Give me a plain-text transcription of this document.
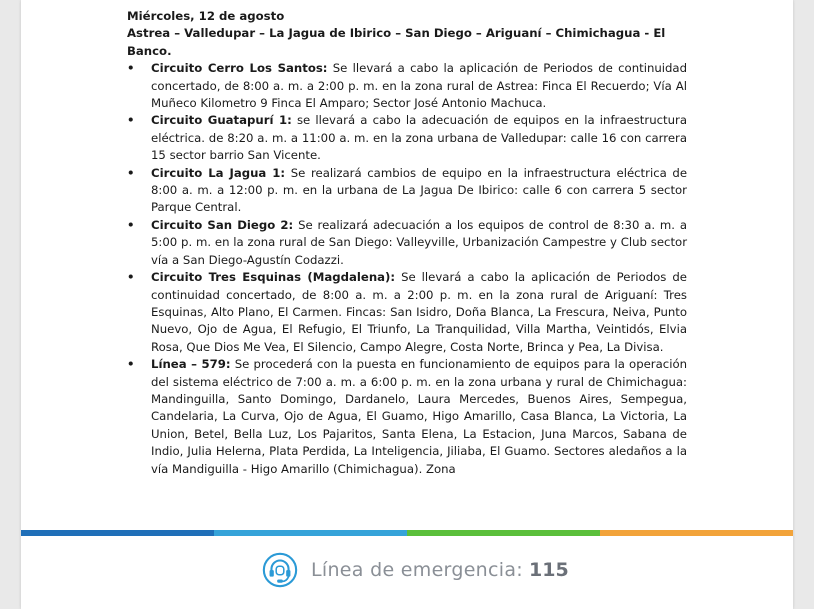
Miércoles, 12 de agosto

Astrea – Valledupar – La Jagua de Ibirico – San Diego – Ariguaní – Chimichagua - El Banco.

• Circuito Cerro Los Santos: Se llevará a cabo la aplicación de Periodos de continuidad concertado, de 8:00 a. m. a 2:00 p. m. en la zona rural de Astrea: Finca El Recuerdo; Vía Al Muñeco Kilometro 9 Finca El Amparo; Sector José Antonio Machuca.
• Circuito Guatapurí 1: se llevará a cabo la adecuación de equipos en la infraestructura eléctrica. de 8:20 a. m. a 11:00 a. m. en la zona urbana de Valledupar: calle 16 con carrera 15 sector barrio San Vicente.
• Circuito La Jagua 1: Se realizará cambios de equipo en la infraestructura eléctrica de 8:00 a. m. a 12:00 p. m. en la urbana de La Jagua De Ibirico: calle 6 con carrera 5 sector Parque Central.
• Circuito San Diego 2: Se realizará adecuación a los equipos de control de 8:30 a. m. a 5:00 p. m. en la zona rural de San Diego: Valleyville, Urbanización Campestre y Club sector vía a San Diego-Agustín Codazzi.
• Circuito Tres Esquinas (Magdalena): Se llevará a cabo la aplicación de Periodos de continuidad concertado, de 8:00 a. m. a 2:00 p. m. en la zona rural de Ariguaní: Tres Esquinas, Alto Plano, El Carmen. Fincas: San Isidro, Doña Blanca, La Frescura, Neiva, Punto Nuevo, Ojo de Agua, El Refugio, El Triunfo, La Tranquilidad, Villa Martha, Veintidós, Elvia Rosa, Que Dios Me Vea, El Silencio, Campo Alegre, Costa Norte, Brinca y Pea, La Divisa.
• Línea – 579: Se procederá con la puesta en funcionamiento de equipos para la operación del sistema eléctrico de 7:00 a. m. a 6:00 p. m. en la zona urbana y rural de Chimichagua: Mandinguilla, Santo Domingo, Dardanelo, Laura Mercedes, Buenos Aires, Sempegua, Candelaria, La Curva, Ojo de Agua, El Guamo, Higo Amarillo, Casa Blanca, La Victoria, La Union, Betel, Bella Luz, Los Pajaritos, Santa Elena, La Estacion, Juna Marcos, Sabana de Indio, Julia Helerna, Plata Perdida, La Inteligencia, Jiliaba, El Guamo. Sectores aledaños a la vía Mandiguilla - Higo Amarillo (Chimichagua). Zona
Línea de emergencia: 115
